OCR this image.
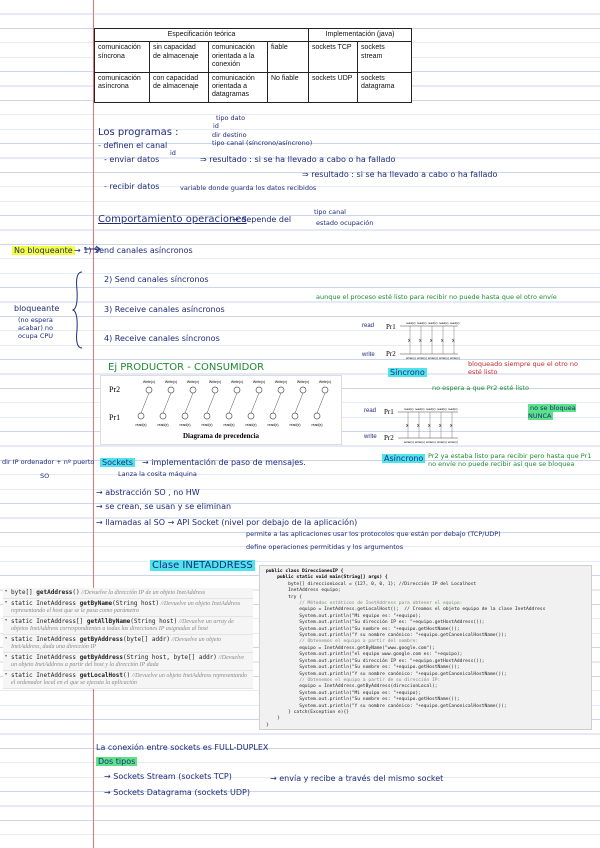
Especificación teórica				Implementación (java)	
comunicación síncrona	sin capacidad de almacenaje	comunicación orientada a la conexión	fiable	sockets TCP	sockets stream
comunicación asíncrona	con capacidad de almacenaje	comunicación orientada a datagramas	No fiable	sockets UDP	sockets datagrama
Los programas :
tipo dato
id
dir destino
tipo canal (síncrono/asíncrono)
- definen el canal
- enviar datos
id
⇒ resultado : si se ha llevado a cabo o ha fallado
⇒ resultado : si se ha llevado a cabo o ha fallado
- recibir datos	variable donde guarda los datos recibidos
Comportamiento operaciones
→ depende del
tipo canal
estado ocupación
No bloqueante → 1) Send canales asíncronos
2) Send canales síncronos
3) Receive canales asíncronos
4) Receive canales síncronos
bloqueante
(no espera acabar) no ocupa CPU
Ej PRODUCTOR - CONSUMIDOR
Pr2
Pr1
Write(x)
read(x)
Write(x)
read(x)
Write(x)
read(x)
Write(x)
read(x)
Write(x)
read(x)
Write(x)
read(x)
Write(x)
read(x)
Write(x)
read(x)
Write(x)
read(x)
Diagrama de precedencia
read Pr1
write Pr2
read(x)
write(x)
x
read(x)
write(x)
x
read(x)
write(x)
x
read(x)
write(x)
x
read(x)
write(x)
x
Síncrono
read Pr1
write Pr2
read(x)
write(x)
x
read(x)
write(x)
x
read(x)
write(x)
x
read(x)
write(x)
x
read(x)
write(x)
x
Asíncrono
aunque el proceso esté listo para recibir no puede hasta que el otro envíe
bloqueado siempre que el otro no esté listo
no espera a que Pr2 esté listo
no se bloquea NUNCA
Pr2 ya estaba listo para recibir pero hasta que Pr1 no envíe no puede recibir así que se bloquea
dir IP ordenador + nº puerto
SO
Sockets → implementación de paso de mensajes.
Lanza la cosita máquina
→ abstracción SO , no HW
→ se crean, se usan y se eliminan
→ llamadas al SO → API Socket (nivel por debajo de la aplicación)
permite a las aplicaciones usar los protocolos que están por debajo (TCP/UDP)
define operaciones permitidas y los argumentos
Clase INETADDRESS
• byte[] getAddress() //Devuelve la dirección IP de un objeto InetAddress
• static InetAddress getByName(String host) //Devuelve un objeto InetAddress representando el host que se le pasa como parámetro
• static InetAddress[] getAllByName(String host) //Devuelve un array de objetos InetAddress correspondientes a todas las direcciones IP asignadas al host
• static InetAddress getByAddress(byte[] addr) //Devuelve un objeto InetAddress, dada una dirección IP
• static InetAddress getByAddress(String host, byte[] addr) //Devuelve un objeto InetAddress a partir del host y la dirección IP dada
• static InetAddress getLocalHost() //Devuelve un objeto InetAddress representando el ordenador local en el que se ejecuta la aplicación
public class DireccionesIP {
public static void main(String[] args) {
byte[] direccionLocal = {127, 0, 0, 1}; //Dirección IP del Localhost
InetAddress equipo;
try {
// Métodos estáticos de InetAddress para obtener el equipo:
equipo = InetAddress.getLocalHost();  // Creamos el objeto equipo de la clase InetAddress
System.out.println("Mi equipo es: "+equipo);
System.out.println("Su dirección IP es: "+equipo.getHostAddress());
System.out.println("Su nombre es: "+equipo.getHostName());
System.out.println("Y su nombre canónico: "+equipo.getCanonicalHostName());
// Obtenemos el equipo a partir del nombre:
equipo = InetAddress.getByName("www.google.com");
System.out.println("el equipo www.google.com es: "+equipo);
System.out.println("Su dirección IP es: "+equipo.getHostAddress());
System.out.println("Su nombre es: "+equipo.getHostName());
System.out.println("Y su nombre canónico: "+equipo.getCanonicalHostName());
// Obtenemos el equipo a partir de su dirección IP:
equipo = InetAddress.getByAddress(direccionLocal);
System.out.println("Mi equipo es: "+equipo);
System.out.println("Su nombre es: "+equipo.getHostName());
System.out.println("Y su nombre canónico: "+equipo.getCanonicalHostName());
} catch(Exception e){}
}
}
La conexión entre sockets es FULL-DUPLEX
Dos tipos
→ Sockets Stream (sockets TCP)
→ Sockets Datagrama (sockets UDP)
→ envía y recibe a través del mismo socket
